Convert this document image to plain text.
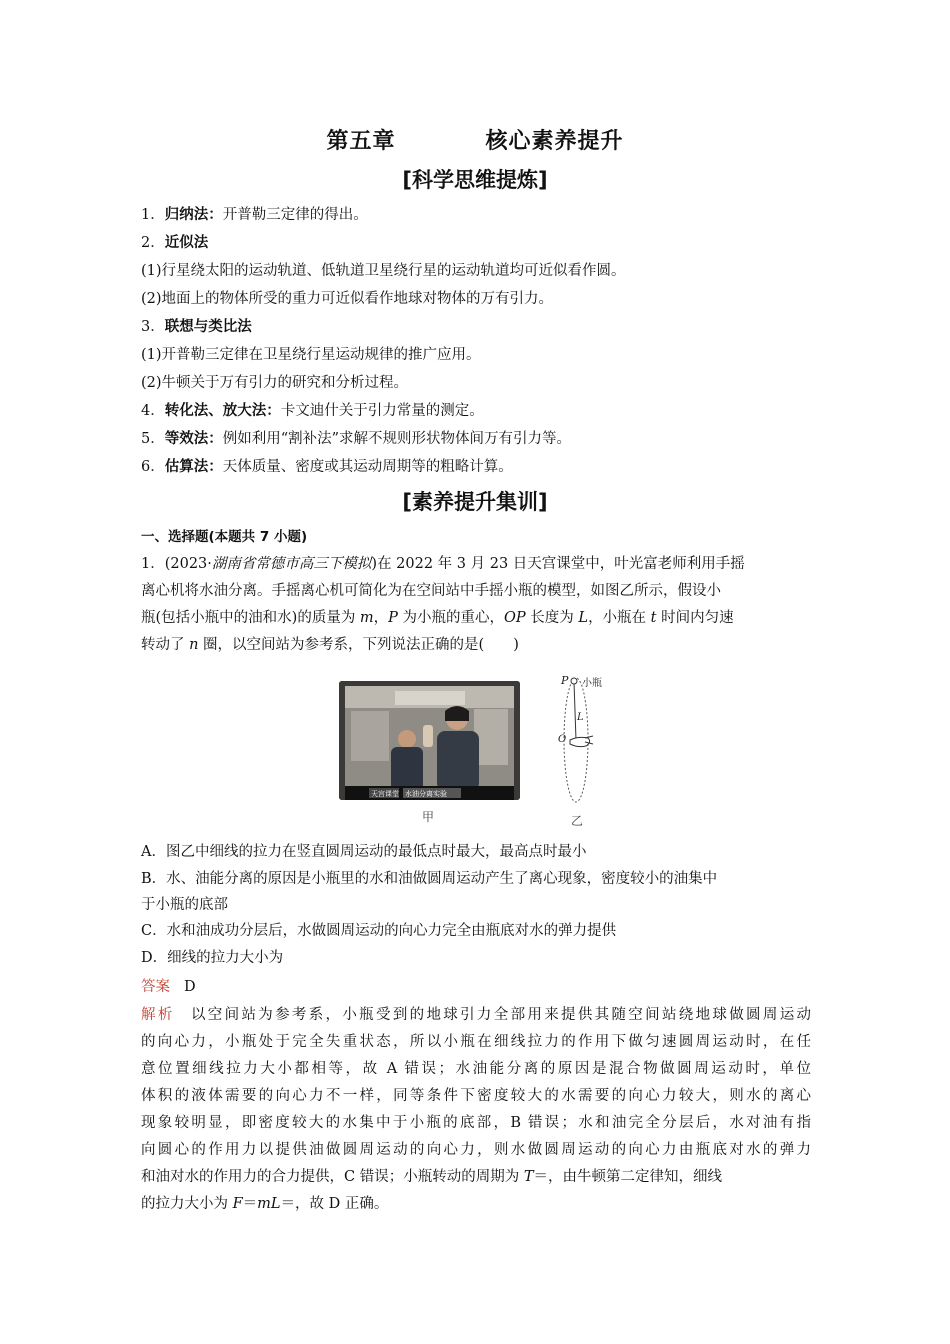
第五章	核心素养提升
[科学思维提炼]
1．归纳法：开普勒三定律的得出。
2．近似法
(1)行星绕太阳的运动轨道、低轨道卫星绕行星的运动轨道均可近似看作圆。
(2)地面上的物体所受的重力可近似看作地球对物体的万有引力。
3．联想与类比法
(1)开普勒三定律在卫星绕行星运动规律的推广应用。
(2)牛顿关于万有引力的研究和分析过程。
4．转化法、放大法：卡文迪什关于引力常量的测定。
5．等效法：例如利用“割补法”求解不规则形状物体间万有引力等。
6．估算法：天体质量、密度或其运动周期等的粗略计算。
[素养提升集训]
一、选择题(本题共 7 小题)
1．(2023·湖南省常德市高三下模拟)在 2022 年 3 月 23 日天宫课堂中，叶光富老师利用手摇
离心机将水油分离。手摇离心机可简化为在空间站中手摇小瓶的模型，如图乙所示，假设小
瓶(包括小瓶中的油和水)的质量为 m，P 为小瓶的重心，OP 长度为 L，小瓶在 t 时间内匀速
转动了 n 圈，以空间站为参考系，下列说法正确的是(　　)
天宫课堂 水油分离实验
甲
P 小瓶
L
O
乙
A．图乙中细线的拉力在竖直圆周运动的最低点时最大，最高点时最小
B．水、油能分离的原因是小瓶里的水和油做圆周运动产生了离心现象，密度较小的油集中
于小瓶的底部
C．水和油成功分层后，水做圆周运动的向心力完全由瓶底对水的弹力提供
D．细线的拉力大小为
答案 D
解析 以空间站为参考系，小瓶受到的地球引力全部用来提供其随空间站绕地球做圆周运动
的向心力，小瓶处于完全失重状态，所以小瓶在细线拉力的作用下做匀速圆周运动时，在任
意位置细线拉力大小都相等，故 A 错误；水油能分离的原因是混合物做圆周运动时，单位
体积的液体需要的向心力不一样，同等条件下密度较大的水需要的向心力较大，则水的离心
现象较明显，即密度较大的水集中于小瓶的底部，B 错误；水和油完全分层后，水对油有指
向圆心的作用力以提供油做圆周运动的向心力，则水做圆周运动的向心力由瓶底对水的弹力
和油对水的作用力的合力提供，C 错误；小瓶转动的周期为 T＝，由牛顿第二定律知，细线
的拉力大小为 F＝mL＝，故 D 正确。
